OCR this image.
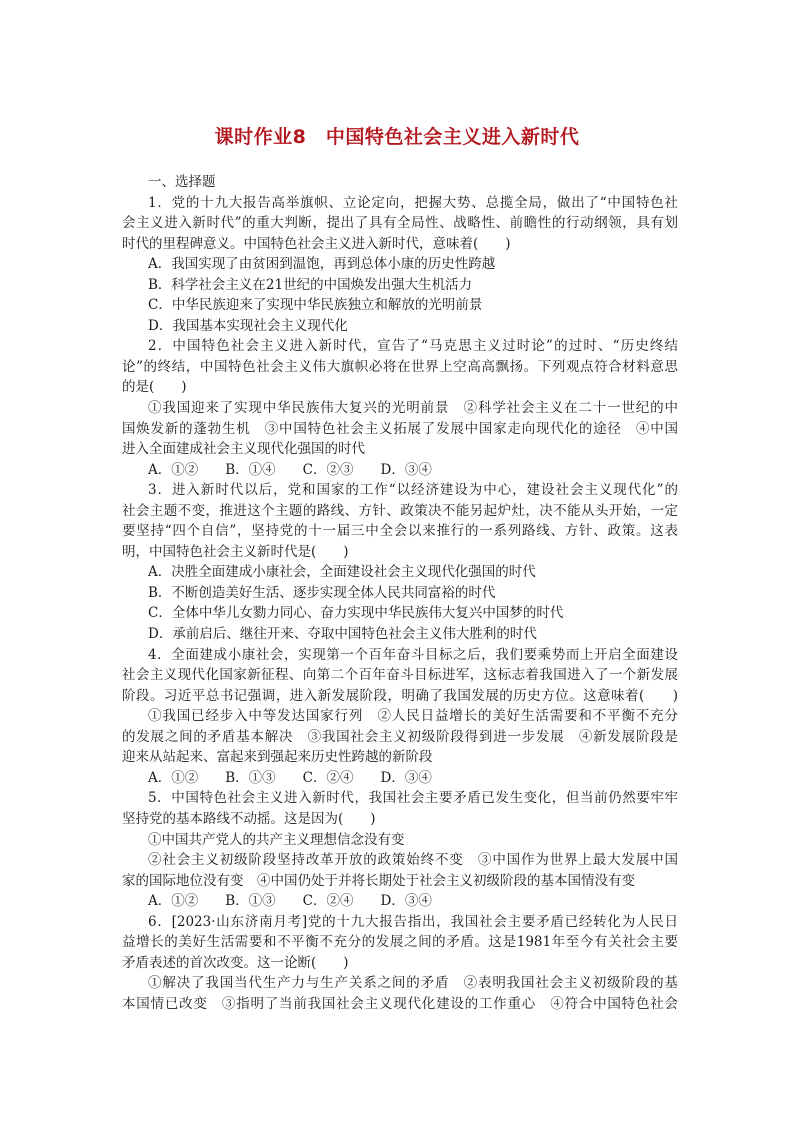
课时作业8　中国特色社会主义进入新时代
一、选择题
1．党的十九大报告高举旗帜、立论定向，把握大势、总揽全局，做出了“中国特色社
会主义进入新时代”的重大判断，提出了具有全局性、战略性、前瞻性的行动纲领，具有划
时代的里程碑意义。中国特色社会主义进入新时代，意味着(　　)
A．我国实现了由贫困到温饱，再到总体小康的历史性跨越
B．科学社会主义在21世纪的中国焕发出强大生机活力
C．中华民族迎来了实现中华民族独立和解放的光明前景
D．我国基本实现社会主义现代化
2．中国特色社会主义进入新时代，宣告了“马克思主义过时论”的过时、“历史终结
论”的终结，中国特色社会主义伟大旗帜必将在世界上空高高飘扬。下列观点符合材料意思
的是(　　)
①我国迎来了实现中华民族伟大复兴的光明前景　②科学社会主义在二十一世纪的中
国焕发新的蓬勃生机　③中国特色社会主义拓展了发展中国家走向现代化的途径　④中国
进入全面建成社会主义现代化强国的时代
A．①②　　B．①④　　C．②③　　D．③④
3．进入新时代以后，党和国家的工作“以经济建设为中心，建设社会主义现代化”的
社会主题不变，推进这个主题的路线、方针、政策决不能另起炉灶，决不能从头开始，一定
要坚持“四个自信”，坚持党的十一届三中全会以来推行的一系列路线、方针、政策。这表
明，中国特色社会主义新时代是(　　)
A．决胜全面建成小康社会，全面建设社会主义现代化强国的时代
B．不断创造美好生活、逐步实现全体人民共同富裕的时代
C．全体中华儿女勠力同心、奋力实现中华民族伟大复兴中国梦的时代
D．承前启后、继往开来、夺取中国特色社会主义伟大胜利的时代
4．全面建成小康社会，实现第一个百年奋斗目标之后，我们要乘势而上开启全面建设
社会主义现代化国家新征程、向第二个百年奋斗目标进军，这标志着我国进入了一个新发展
阶段。习近平总书记强调，进入新发展阶段，明确了我国发展的历史方位。这意味着(　　)
①我国已经步入中等发达国家行列　②人民日益增长的美好生活需要和不平衡不充分
的发展之间的矛盾基本解决　③我国社会主义初级阶段得到进一步发展　④新发展阶段是
迎来从站起来、富起来到强起来历史性跨越的新阶段
A．①②　　B．①③　　C．②④　　D．③④
5．中国特色社会主义进入新时代，我国社会主要矛盾已发生变化，但当前仍然要牢牢
坚持党的基本路线不动摇。这是因为(　　)
①中国共产党人的共产主义理想信念没有变
②社会主义初级阶段坚持改革开放的政策始终不变　③中国作为世界上最大发展中国
家的国际地位没有变　④中国仍处于并将长期处于社会主义初级阶段的基本国情没有变
A．①②　　B．①③　　C．②④　　D．③④
6．[2023·山东济南月考]党的十九大报告指出，我国社会主要矛盾已经转化为人民日
益增长的美好生活需要和不平衡不充分的发展之间的矛盾。这是1981年至今有关社会主要
矛盾表述的首次改变。这一论断(　　)
①解决了我国当代生产力与生产关系之间的矛盾　②表明我国社会主义初级阶段的基
本国情已改变　③指明了当前我国社会主义现代化建设的工作重心　④符合中国特色社会
